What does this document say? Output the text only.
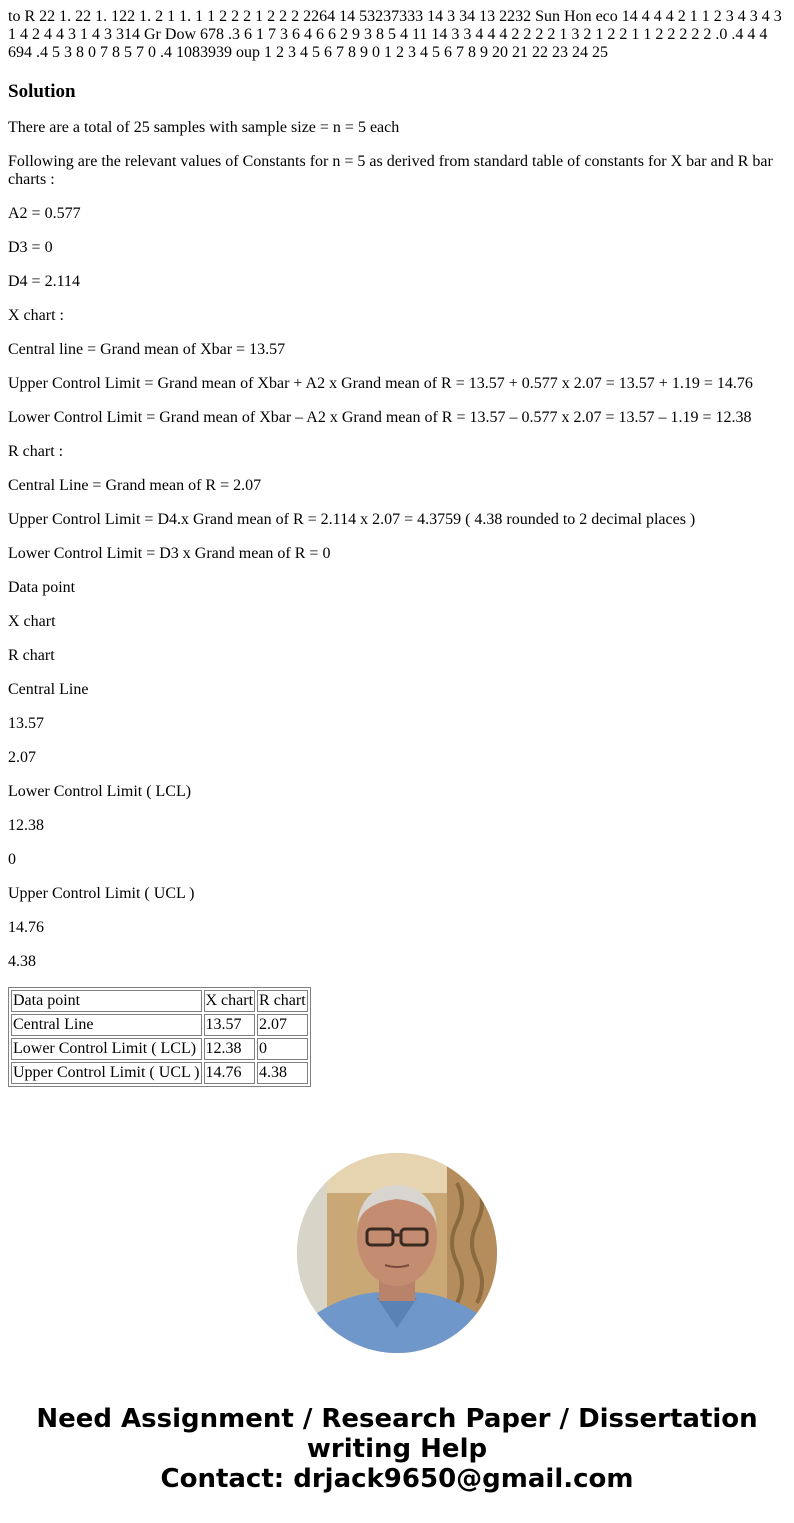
to R 22 1. 22 1. 122 1. 2 1 1. 1 1 2 2 2 1 2 2 2 2264 14 53237333 14 3 34 13 2232 Sun Hon eco 14 4 4 4 2 1 1 2 3 4 3 4 3 1 4 2 4 4 3 1 4 3 314 Gr Dow 678 .3 6 1 7 3 6 4 6 6 2 9 3 8 5 4 11 14 3 3 4 4 4 2 2 2 2 1 3 2 1 2 2 1 1 2 2 2 2 2 .0 .4 4 4 694 .4 5 3 8 0 7 8 5 7 0 .4 1083939 oup 1 2 3 4 5 6 7 8 9 0 1 2 3 4 5 6 7 8 9 20 21 22 23 24 25

Solution

There are a total of 25 samples with sample size = n = 5 each

Following are the relevant values of Constants for n = 5 as derived from standard table of constants for X bar and R bar charts :

A2 = 0.577

D3 = 0

D4 = 2.114

X chart :

Central line = Grand mean of Xbar = 13.57

Upper Control Limit = Grand mean of Xbar + A2 x Grand mean of R = 13.57 + 0.577 x 2.07 = 13.57 + 1.19 = 14.76

Lower Control Limit = Grand mean of Xbar – A2 x Grand mean of R = 13.57 – 0.577 x 2.07 = 13.57 – 1.19 = 12.38

R chart :

Central Line = Grand mean of R = 2.07

Upper Control Limit = D4.x Grand mean of R = 2.114 x 2.07 = 4.3759 ( 4.38 rounded to 2 decimal places )

Lower Control Limit = D3 x Grand mean of R = 0

Data point

X chart

R chart

Central Line

13.57

2.07

Lower Control Limit ( LCL)

12.38

0

Upper Control Limit ( UCL )

14.76

4.38

Data point	X chart	R chart
Central Line	13.57	2.07
Lower Control Limit ( LCL)	12.38	0
Upper Control Limit ( UCL )	14.76	4.38
Need Assignment / Research Paper / Dissertation
writing Help
Contact: drjack9650@gmail.com
